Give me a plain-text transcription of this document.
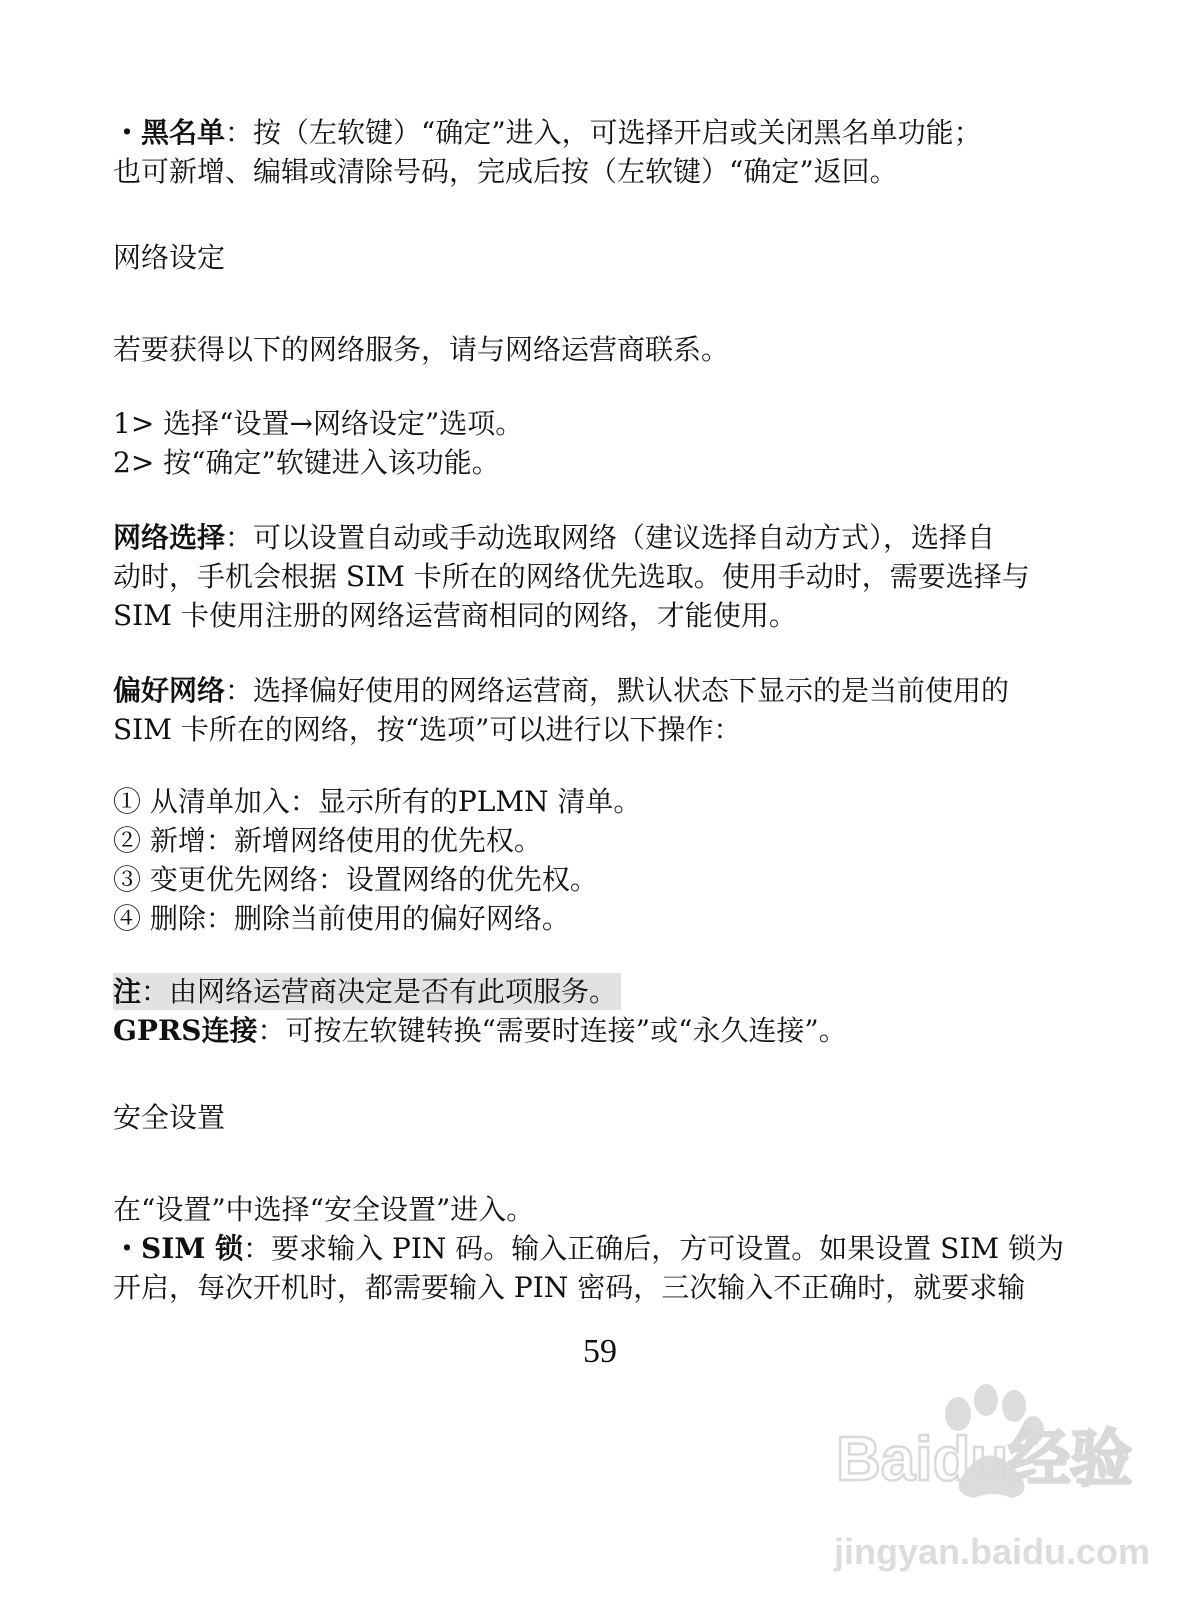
・黑名单：按（左软键）“确定”进入，可选择开启或关闭黑名单功能；
也可新增、编辑或清除号码，完成后按（左软键）“确定”返回。
网络设定
若要获得以下的网络服务，请与网络运营商联系。
1> 选择“设置→网络设定”选项。
2> 按“确定”软键进入该功能。
网络选择：可以设置自动或手动选取网络（建议选择自动方式），选择自
动时，手机会根据 SIM 卡所在的网络优先选取。使用手动时，需要选择与
SIM 卡使用注册的网络运营商相同的网络，才能使用。
偏好网络：选择偏好使用的网络运营商，默认状态下显示的是当前使用的
SIM 卡所在的网络，按“选项”可以进行以下操作：
① 从清单加入：显示所有的PLMN 清单。
② 新增：新增网络使用的优先权。
③ 变更优先网络：设置网络的优先权。
④ 删除：删除当前使用的偏好网络。
注：由网络运营商决定是否有此项服务。
GPRS连接：可按左软键转换“需要时连接”或“永久连接”。
安全设置
在“设置”中选择“安全设置”进入。
・SIM 锁：要求输入 PIN 码。输入正确后，方可设置。如果设置 SIM 锁为
开启，每次开机时，都需要输入 PIN 密码，三次输入不正确时，就要求输
59
Baidu经验
jingyan.baidu.com
